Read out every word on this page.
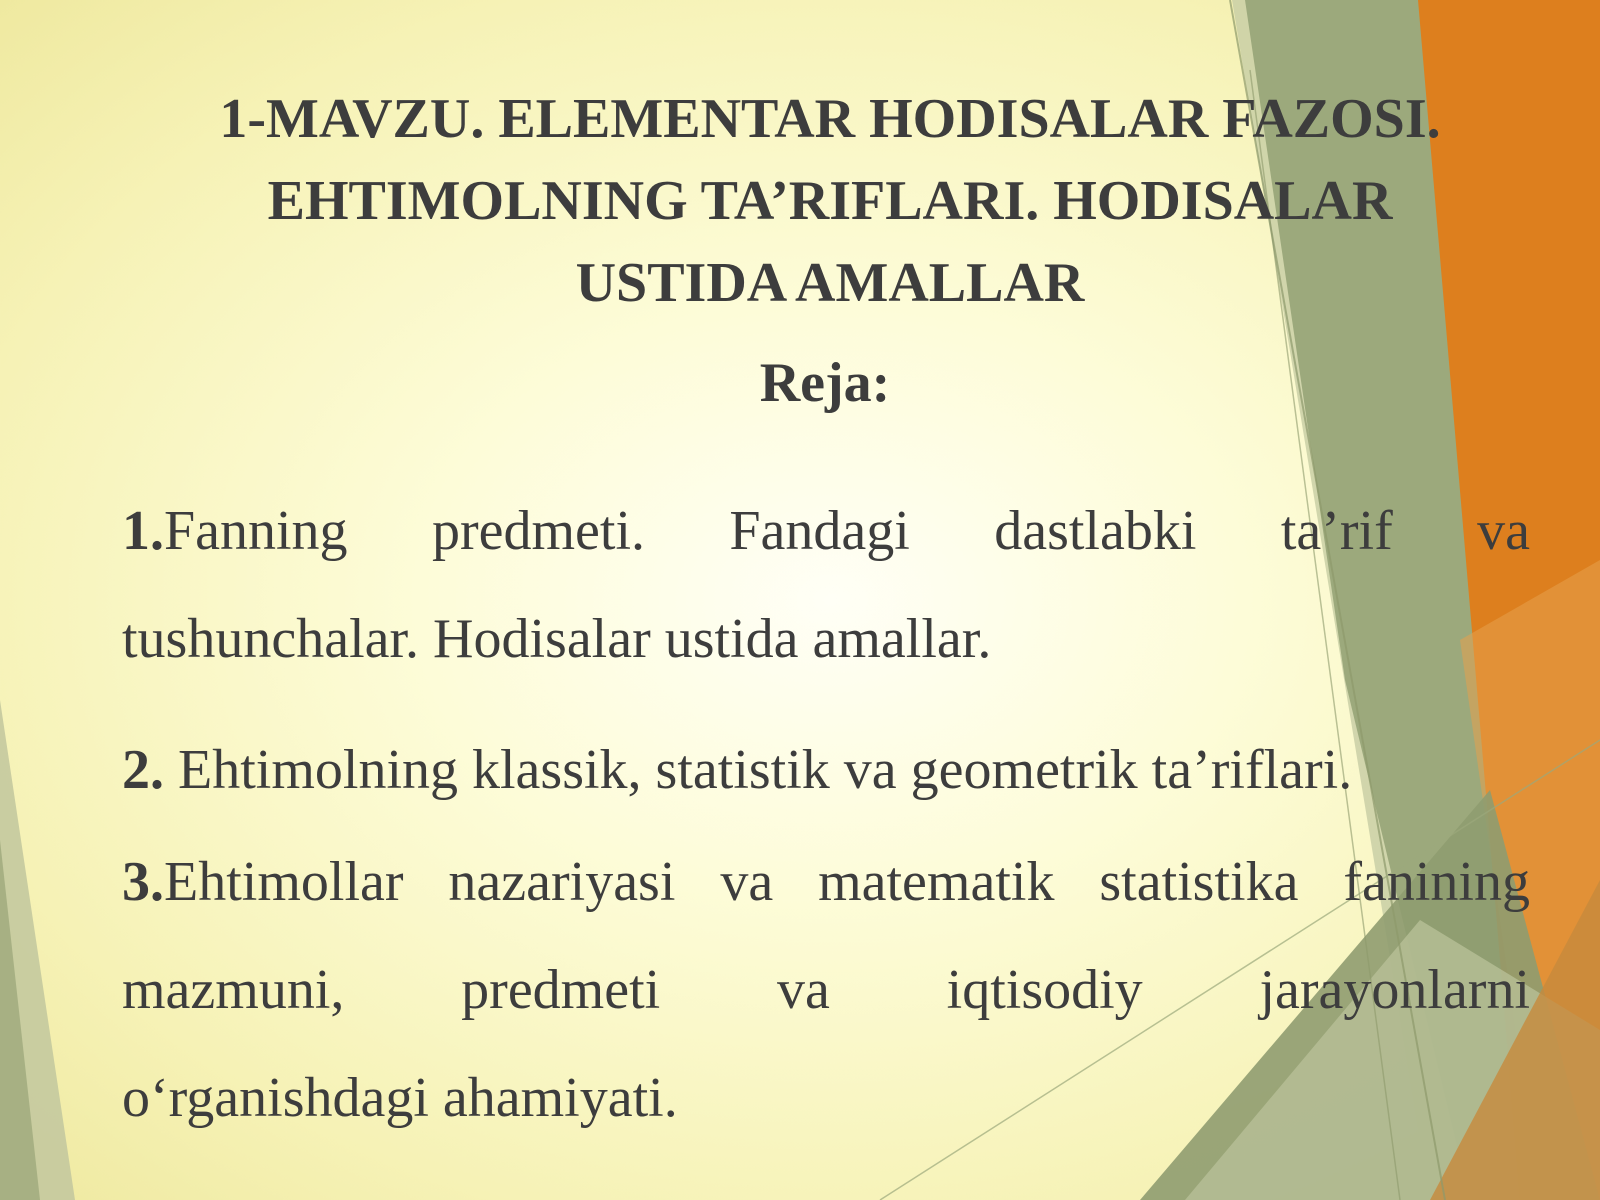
1-MAVZU. ELEMENTAR HODISALAR FAZOSI.
EHTIMOLNING TA’RIFLARI. HODISALAR
USTIDA AMALLAR
Reja:
1.Fanning predmeti. Fandagi dastlabki ta’rif va
tushunchalar. Hodisalar ustida amallar.
2. Ehtimolning klassik, statistik va geometrik ta’riflari.
3.Ehtimollar nazariyasi va matematik statistika fanining
mazmuni, predmeti va iqtisodiy jarayonlarni
o‘rganishdagi ahamiyati.
